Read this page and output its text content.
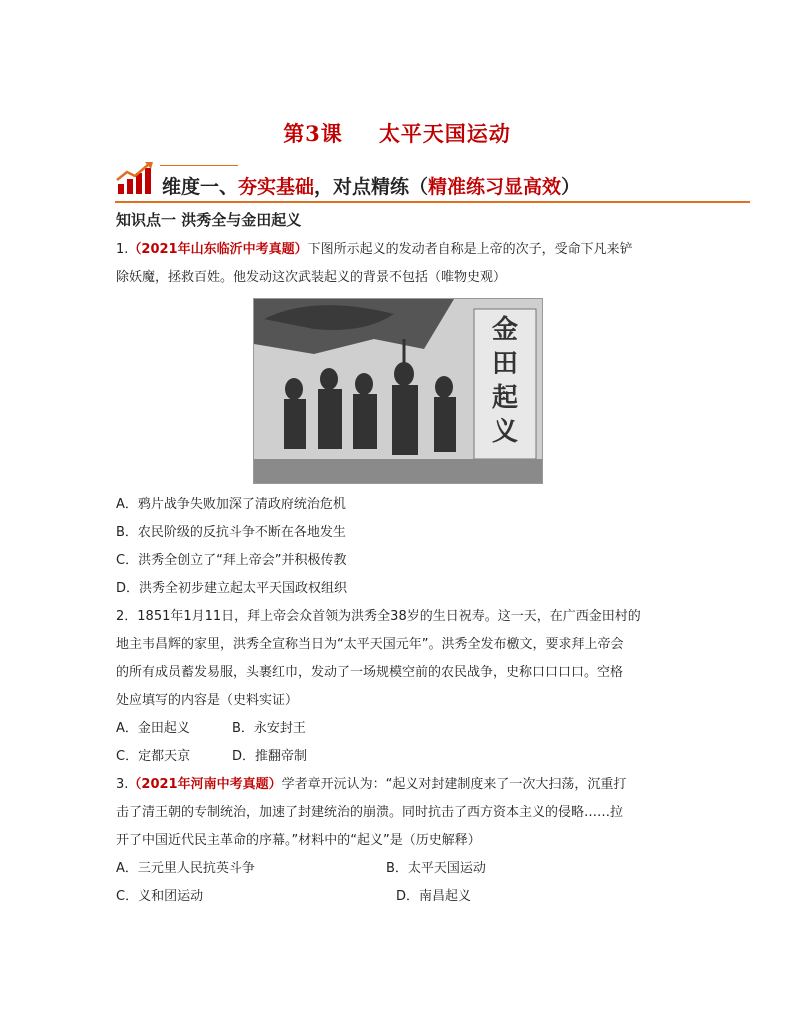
第3课 太平天国运动
维度一、夯实基础，对点精练（精准练习显高效）
知识点一 洪秀全与金田起义
1.（2021年山东临沂中考真题）下图所示起义的发动者自称是上帝的次子，受命下凡来铲
除妖魔，拯救百姓。他发动这次武装起义的背景不包括（唯物史观）
金田起义
A．鸦片战争失败加深了清政府统治危机
B．农民阶级的反抗斗争不断在各地发生
C．洪秀全创立了“拜上帝会”并积极传教
D．洪秀全初步建立起太平天国政权组织
2．1851年1月11日，拜上帝会众首领为洪秀全38岁的生日祝寿。这一天，在广西金田村的
地主韦昌辉的家里，洪秀全宣称当日为“太平天国元年”。洪秀全发布檄文，要求拜上帝会
的所有成员蓄发易服，头裹红巾，发动了一场规模空前的农民战争，史称口口口口。空格
处应填写的内容是（史料实证）
A．金田起义	B．永安封王
C．定都天京	D．推翻帝制
3.（2021年河南中考真题）学者章开沅认为：“起义对封建制度来了一次大扫荡，沉重打
击了清王朝的专制统治，加速了封建统治的崩溃。同时抗击了西方资本主义的侵略……拉
开了中国近代民主革命的序幕。”材料中的“起义”是（历史解释）
A．三元里人民抗英斗争	B．太平天国运动
C．义和团运动	D．南昌起义
